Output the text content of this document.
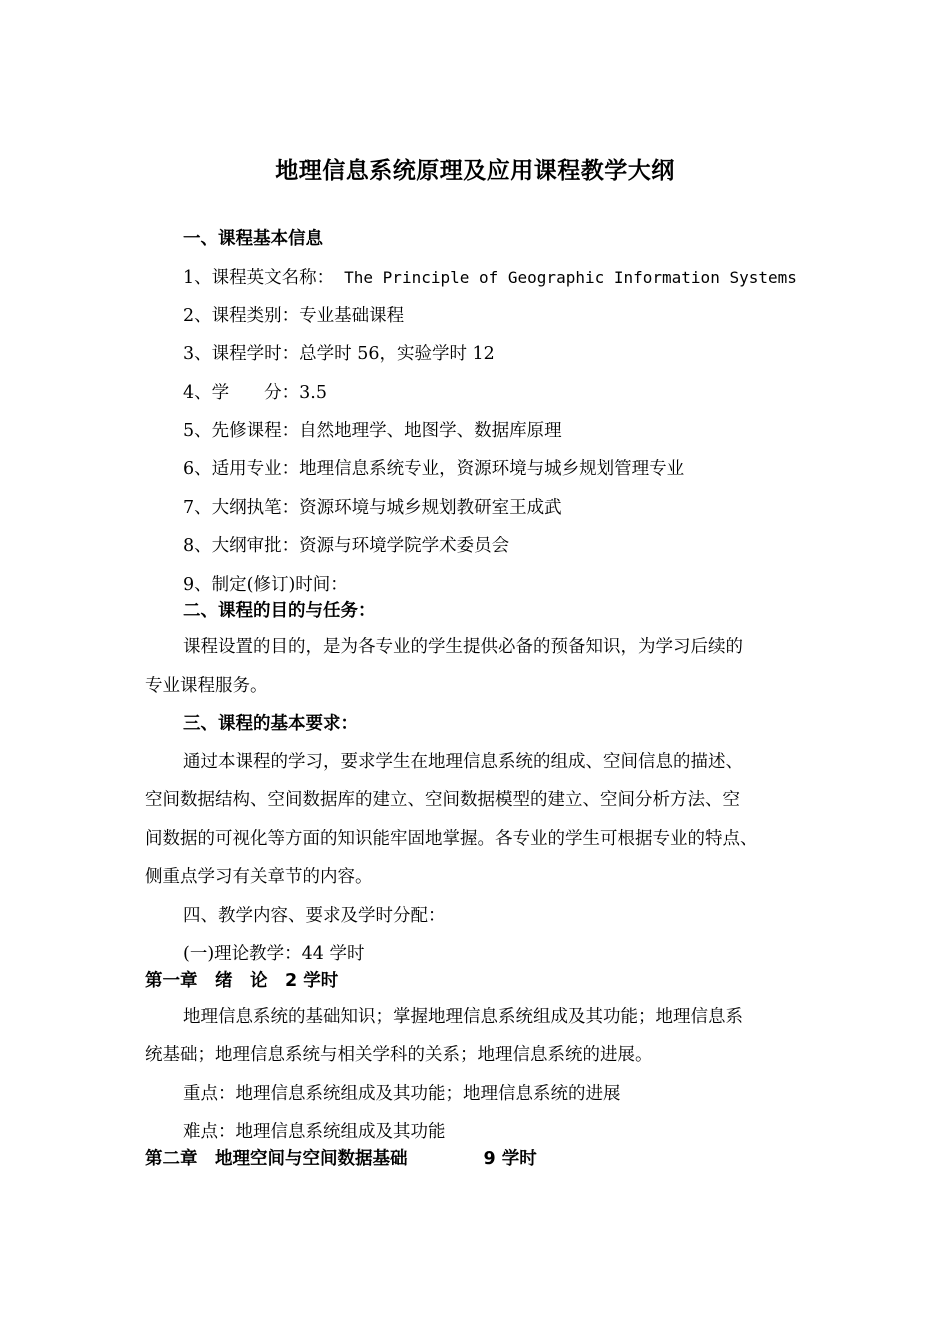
地理信息系统原理及应用课程教学大纲
一、课程基本信息
1、课程英文名称： The Principle of Geographic Information Systems
2、课程类别：专业基础课程
3、课程学时：总学时 56，实验学时 12
4、学 分：3.5
5、先修课程：自然地理学、地图学、数据库原理
6、适用专业：地理信息系统专业，资源环境与城乡规划管理专业
7、大纲执笔：资源环境与城乡规划教研室王成武
8、大纲审批：资源与环境学院学术委员会
9、制定(修订)时间：
二、课程的目的与任务：
课程设置的目的，是为各专业的学生提供必备的预备知识，为学习后续的
专业课程服务。
三、课程的基本要求：
通过本课程的学习，要求学生在地理信息系统的组成、空间信息的描述、
空间数据结构、空间数据库的建立、空间数据模型的建立、空间分析方法、空
间数据的可视化等方面的知识能牢固地掌握。各专业的学生可根据专业的特点、
侧重点学习有关章节的内容。
四、教学内容、要求及学时分配：
(一)理论教学：44 学时
第一章　绪　论　2 学时
地理信息系统的基础知识；掌握地理信息系统组成及其功能；地理信息系
统基础；地理信息系统与相关学科的关系；地理信息系统的进展。
重点：地理信息系统组成及其功能；地理信息系统的进展
难点：地理信息系统组成及其功能
第二章　地理空间与空间数据基础	9 学时
